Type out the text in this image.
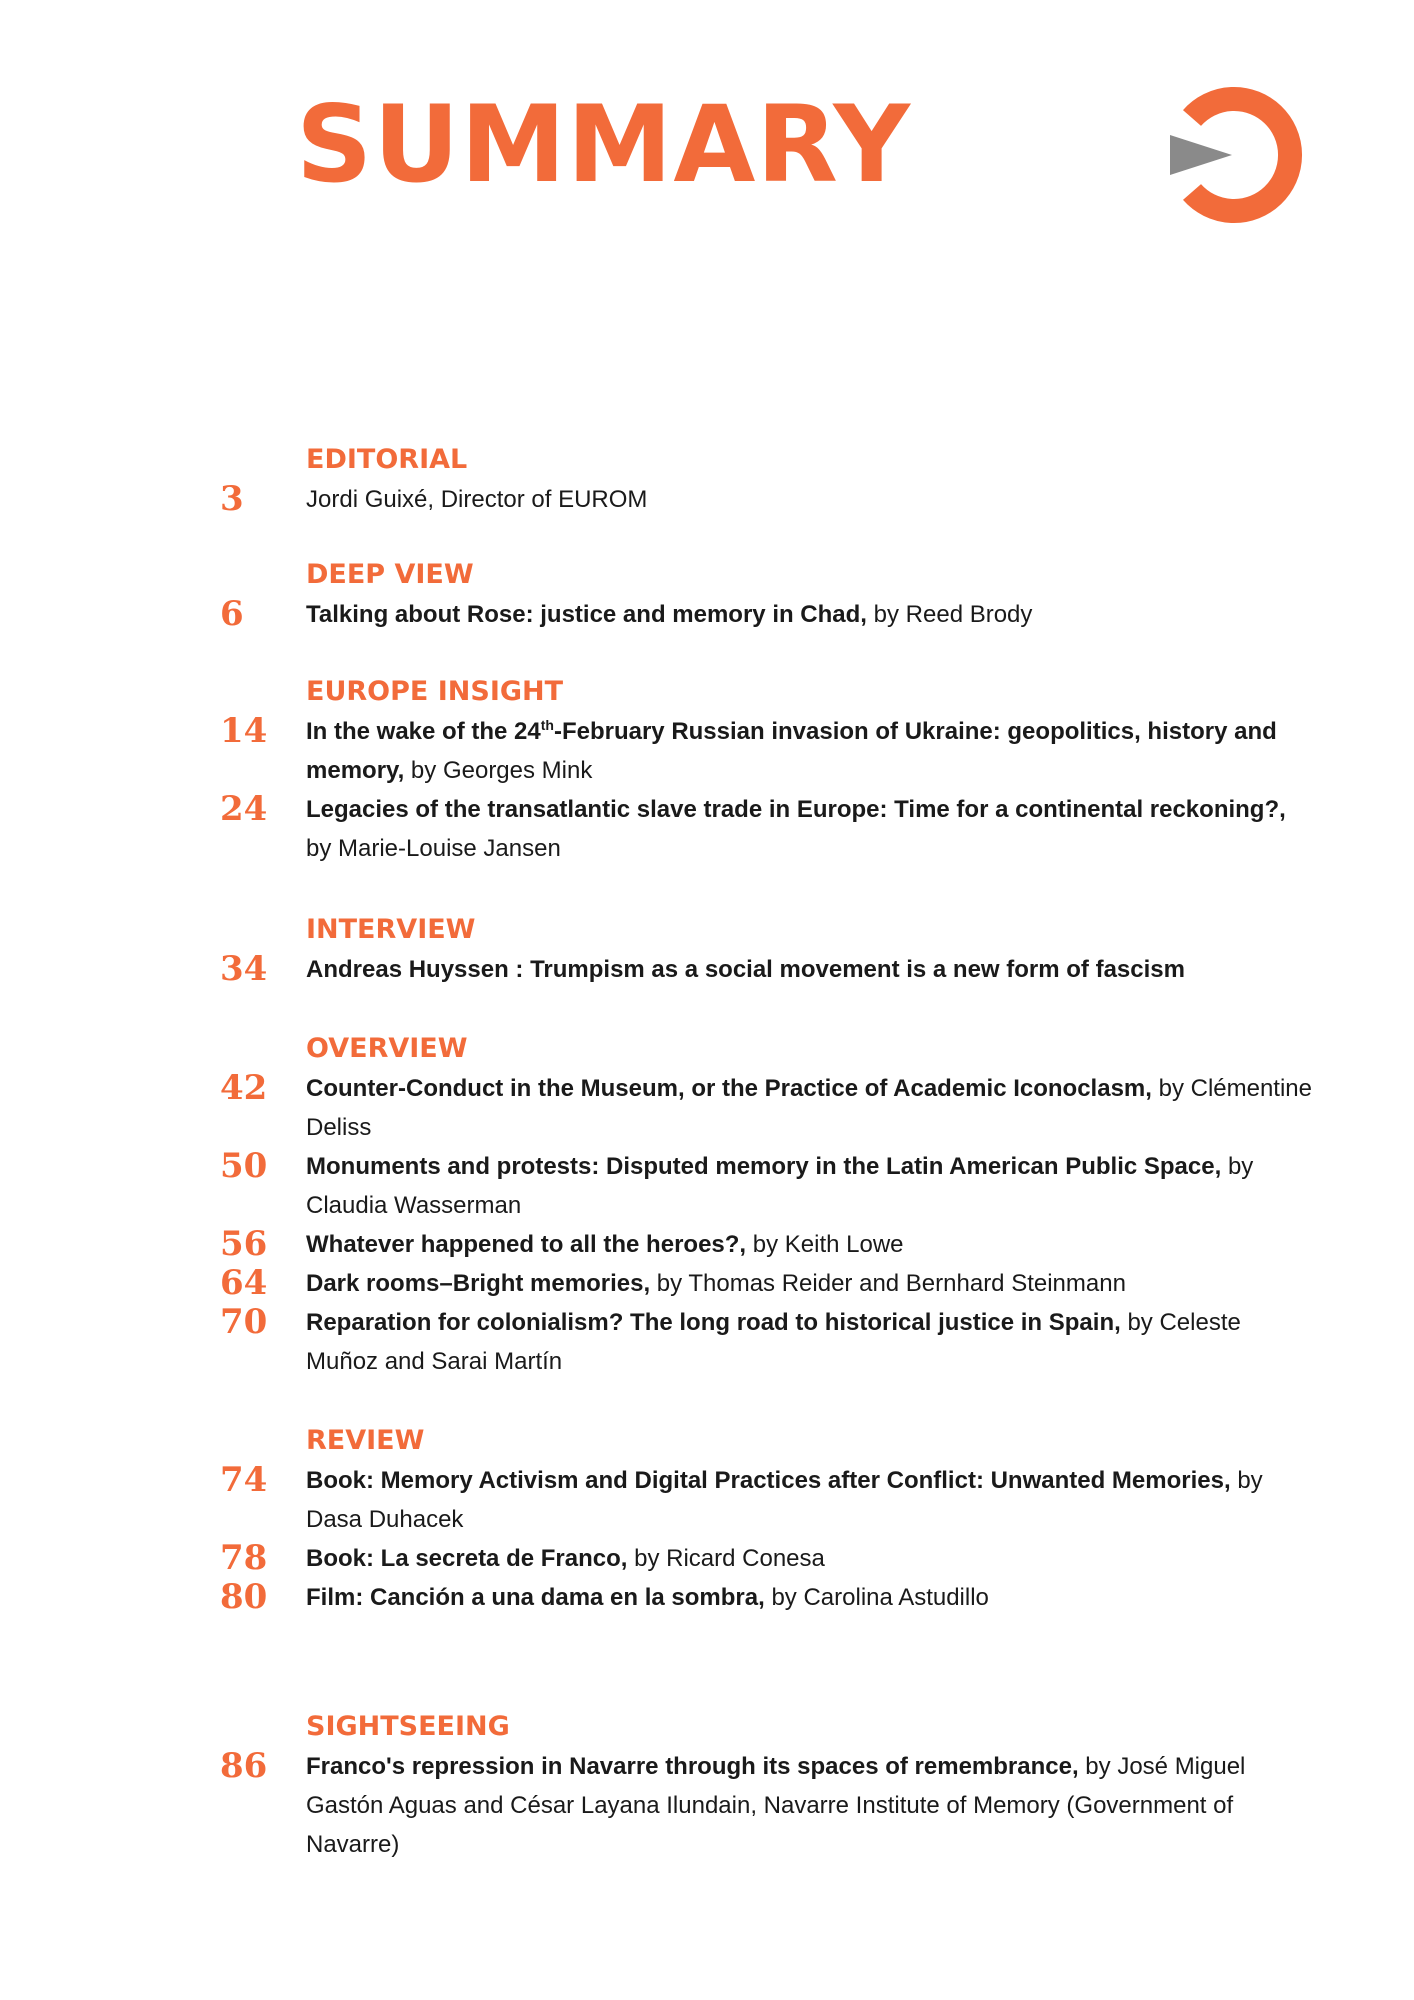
SUMMARY
EDITORIAL
3	Jordi Guixé, Director of EUROM
DEEP VIEW
6	Talking about Rose: justice and memory in Chad, by Reed Brody
EUROPE INSIGHT
14	In the wake of the 24th-February Russian invasion of Ukraine: geopolitics, history and memory, by Georges Mink
24	Legacies of the transatlantic slave trade in Europe: Time for a continental reckoning?, by Marie-Louise Jansen
INTERVIEW
34	Andreas Huyssen : Trumpism as a social movement is a new form of fascism
OVERVIEW
42	Counter-Conduct in the Museum, or the Practice of Academic Iconoclasm, by Clémentine Deliss
50	Monuments and protests: Disputed memory in the Latin American Public Space, by Claudia Wasserman
56	Whatever happened to all the heroes?, by Keith Lowe
64	Dark rooms–Bright memories, by Thomas Reider and Bernhard Steinmann
70	Reparation for colonialism? The long road to historical justice in Spain, by Celeste Muñoz and Sarai Martín
REVIEW
74	Book: Memory Activism and Digital Practices after Conflict: Unwanted Memories, by Dasa Duhacek
78	Book: La secreta de Franco, by Ricard Conesa
80	Film: Canción a una dama en la sombra, by Carolina Astudillo
SIGHTSEEING
86	Franco's repression in Navarre through its spaces of remembrance, by José Miguel Gastón Aguas and César Layana Ilundain, Navarre Institute of Memory (Government of Navarre)
